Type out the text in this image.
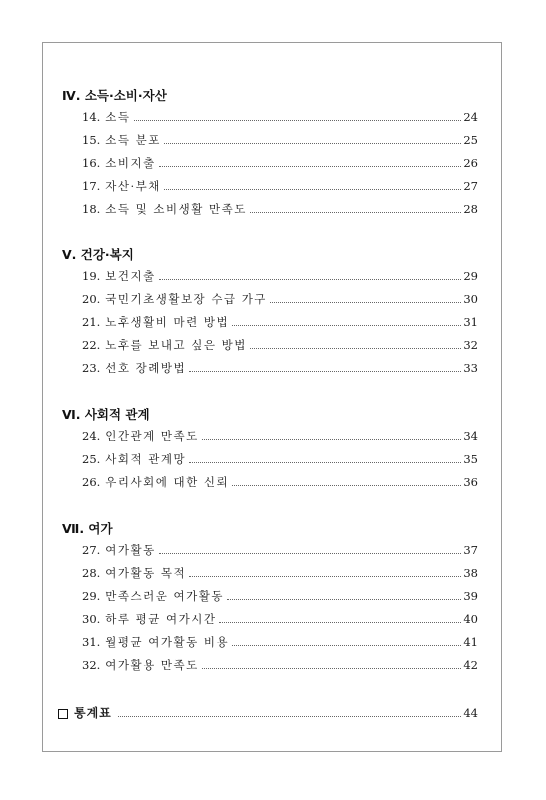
Ⅳ. 소득·소비·자산
14. 소득	24
15. 소득 분포	25
16. 소비지출	26
17. 자산·부채	27
18. 소득 및 소비생활 만족도	28
Ⅴ. 건강·복지
19. 보건지출	29
20. 국민기초생활보장 수급 가구	30
21. 노후생활비 마련 방법	31
22. 노후를 보내고 싶은 방법	32
23. 선호 장례방법	33
Ⅵ. 사회적 관계
24. 인간관계 만족도	34
25. 사회적 관계망	35
26. 우리사회에 대한 신뢰	36
Ⅶ. 여가
27. 여가활동	37
28. 여가활동 목적	38
29. 만족스러운 여가활동	39
30. 하루 평균 여가시간	40
31. 월평균 여가활동 비용	41
32. 여가활용 만족도	42
통계표	44
